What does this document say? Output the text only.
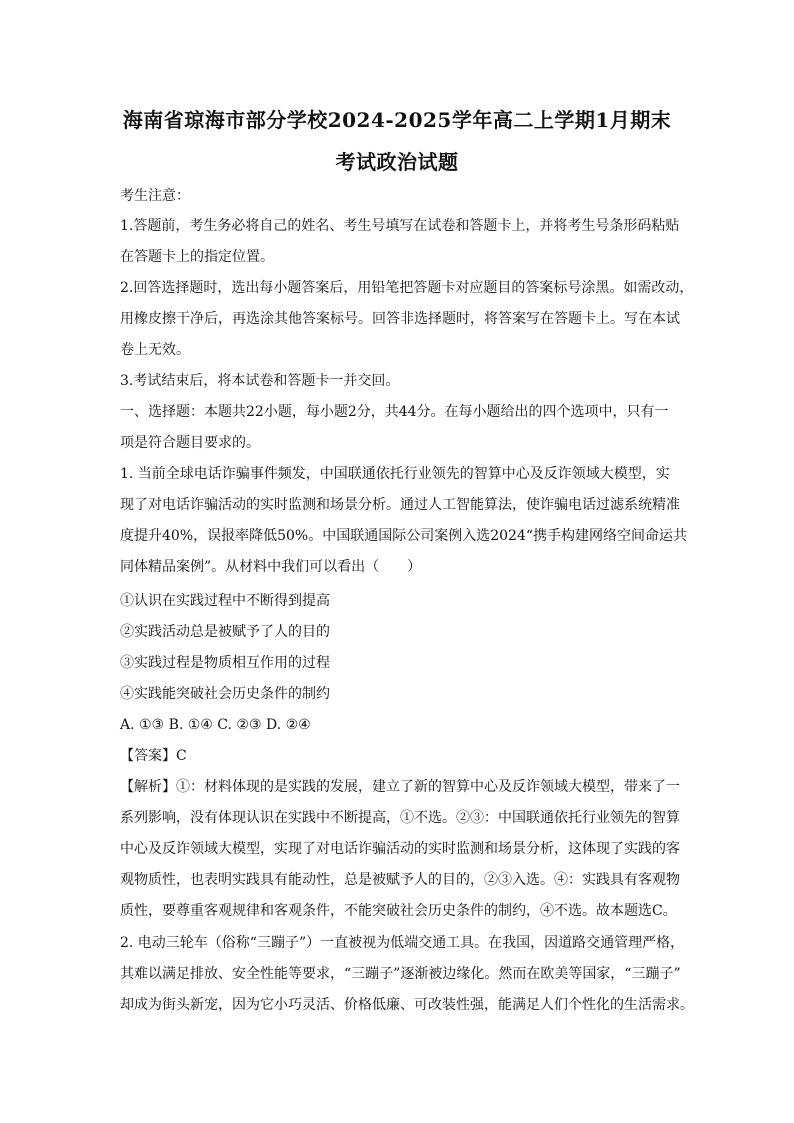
海南省琼海市部分学校2024-2025学年高二上学期1月期末
考试政治试题
考生注意：
1.答题前，考生务必将自己的姓名、考生号填写在试卷和答题卡上，并将考生号条形码粘贴
在答题卡上的指定位置。
2.回答选择题时，选出每小题答案后，用铅笔把答题卡对应题目的答案标号涂黑。如需改动，
用橡皮擦干净后，再选涂其他答案标号。回答非选择题时，将答案写在答题卡上。写在本试
卷上无效。
3.考试结束后，将本试卷和答题卡一并交回。
一、选择题：本题共22小题，每小题2分，共44分。在每小题给出的四个选项中，只有一
项是符合题目要求的。
1. 当前全球电话诈骗事件频发，中国联通依托行业领先的智算中心及反诈领域大模型，实
现了对电话诈骗活动的实时监测和场景分析。通过人工智能算法，使诈骗电话过滤系统精准
度提升40%，误报率降低50%。中国联通国际公司案例入选2024“携手构建网络空间命运共
同体精品案例”。从材料中我们可以看出（　　）
①认识在实践过程中不断得到提高
②实践活动总是被赋予了人的目的
③实践过程是物质相互作用的过程
④实践能突破社会历史条件的制约
A. ①③ B. ①④ C. ②③ D. ②④
【答案】C
【解析】①：材料体现的是实践的发展，建立了新的智算中心及反诈领域大模型，带来了一
系列影响，没有体现认识在实践中不断提高，①不选。②③：中国联通依托行业领先的智算
中心及反诈领域大模型，实现了对电话诈骗活动的实时监测和场景分析，这体现了实践的客
观物质性，也表明实践具有能动性，总是被赋予人的目的，②③入选。④：实践具有客观物
质性，要尊重客观规律和客观条件，不能突破社会历史条件的制约，④不选。故本题选C。
2. 电动三轮车（俗称“三蹦子”）一直被视为低端交通工具。在我国，因道路交通管理严格，
其难以满足排放、安全性能等要求，“三蹦子”逐渐被边缘化。然而在欧美等国家，“三蹦子”
却成为街头新宠，因为它小巧灵活、价格低廉、可改装性强，能满足人们个性化的生活需求。
